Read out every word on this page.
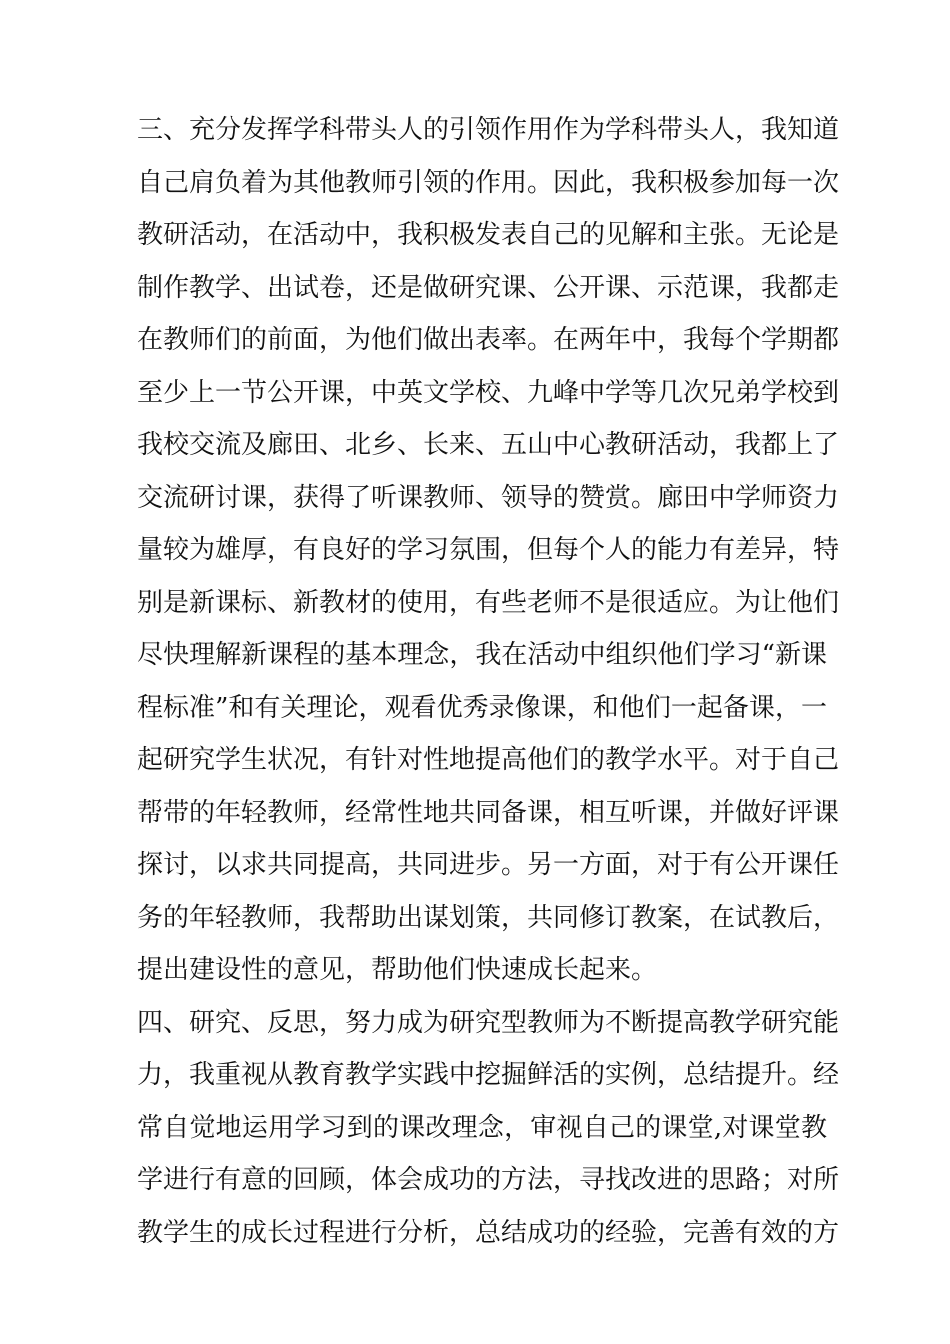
三、充分发挥学科带头人的引领作用作为学科带头人，我知道
自己肩负着为其他教师引领的作用。因此，我积极参加每一次
教研活动，在活动中，我积极发表自己的见解和主张。无论是
制作教学、出试卷，还是做研究课、公开课、示范课，我都走
在教师们的前面，为他们做出表率。在两年中，我每个学期都
至少上一节公开课，中英文学校、九峰中学等几次兄弟学校到
我校交流及廊田、北乡、长来、五山中心教研活动，我都上了
交流研讨课，获得了听课教师、领导的赞赏。廊田中学师资力
量较为雄厚，有良好的学习氛围，但每个人的能力有差异，特
别是新课标、新教材的使用，有些老师不是很适应。为让他们
尽快理解新课程的基本理念，我在活动中组织他们学习“新课
程标准”和有关理论，观看优秀录像课，和他们一起备课，一
起研究学生状况，有针对性地提高他们的教学水平。对于自己
帮带的年轻教师，经常性地共同备课，相互听课，并做好评课
探讨，以求共同提高，共同进步。另一方面，对于有公开课任
务的年轻教师，我帮助出谋划策，共同修订教案，在试教后，
提出建设性的意见，帮助他们快速成长起来。
四、研究、反思，努力成为研究型教师为不断提高教学研究能
力，我重视从教育教学实践中挖掘鲜活的实例，总结提升。经
常自觉地运用学习到的课改理念，审视自己的课堂,对课堂教
学进行有意的回顾，体会成功的方法，寻找改进的思路；对所
教学生的成长过程进行分析，总结成功的经验，完善有效的方
